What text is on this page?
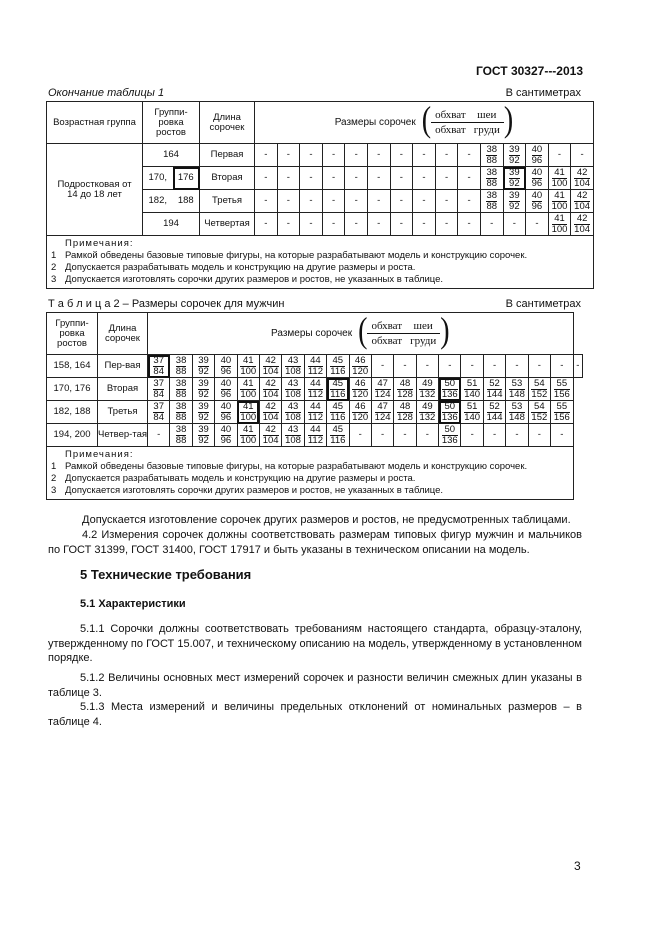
ГОСТ 30327---2013
Окончание таблицы 1	В сантиметрах
Возрастная группа	Группи-ровка ростов	Длина сорочек	Размеры сорочек ( обхват	шеи
обхват	груди )

Подростковая от 14 до 18 лет	164	Первая	-	-	-	-	-	-	-	-	-	-	$\frac{38}{88}$	$\frac{39}{92}$	$\frac{40}{96}$	-	-
170,	176	Вторая	-	-	-	-	-	-	-	-	-	-	$\frac{38}{88}$	$\frac{39}{92}$	$\frac{40}{96}$	$\frac{41}{100}$	$\frac{42}{104}$

182,	188	Третья	-	-	-	-	-	-	-	-	-	-	$\frac{38}{88}$	$\frac{39}{92}$	$\frac{40}{96}$	$\frac{41}{100}$	$\frac{42}{104}$

194	Четвертая	-	-	-	-	-	-	-	-	-	-	-	-	-	$\frac{41}{100}$	$\frac{42}{104}$

Примечания:
1 Рамкой обведены базовые типовые фигуры, на которые разрабатывают модель и конструкцию сорочек.
2 Допускается разрабатывать модель и конструкцию на другие размеры и роста.
3 Допускается изготовлять сорочки других размеров и ростов, не указанных в таблице.
Т а б л и ц а 2 – Размеры сорочек для мужчин	В сантиметрах
Группи-ровка ростов	Длина сорочек	Размеры сорочек ( обхват	шеи
обхват	груди )

158, 164	Пер-вая	$\frac{37}{84}$	$\frac{38}{88}$	$\frac{39}{92}$	$\frac{40}{96}$	$\frac{41}{100}$	$\frac{42}{104}$	$\frac{43}{108}$	$\frac{44}{112}$	$\frac{45}{116}$	$\frac{46}{120}$	-	-	-	-	-	-	-	-	-	-
170, 176	Вторая	$\frac{37}{84}$	$\frac{38}{88}$	$\frac{39}{92}$	$\frac{40}{96}$	$\frac{41}{100}$	$\frac{42}{104}$	$\frac{43}{108}$	$\frac{44}{112}$	$\frac{45}{116}$	$\frac{46}{120}$	$\frac{47}{124}$	$\frac{48}{128}$	$\frac{49}{132}$	$\frac{50}{136}$	$\frac{51}{140}$	$\frac{52}{144}$	$\frac{53}{148}$	$\frac{54}{152}$	$\frac{55}{156}$

182, 188	Третья	$\frac{37}{84}$	$\frac{38}{88}$	$\frac{39}{92}$	$\frac{40}{96}$	$\frac{41}{100}$	$\frac{42}{104}$	$\frac{43}{108}$	$\frac{44}{112}$	$\frac{45}{116}$	$\frac{46}{120}$	$\frac{47}{124}$	$\frac{48}{128}$	$\frac{49}{132}$	$\frac{50}{136}$	$\frac{51}{140}$	$\frac{52}{144}$	$\frac{53}{148}$	$\frac{54}{152}$	$\frac{55}{156}$

194, 200	Четвер-тая	-	$\frac{38}{88}$	$\frac{39}{92}$	$\frac{40}{96}$	$\frac{41}{100}$	$\frac{42}{104}$	$\frac{43}{108}$	$\frac{44}{112}$	$\frac{45}{116}$	-	-	-	-	$\frac{50}{136}$	-	-	-	-	-

Примечания:
1 Рамкой обведены базовые типовые фигуры, на которые разрабатывают модель и конструкцию сорочек.
2 Допускается разрабатывать модель и конструкцию на другие размеры и роста.
3 Допускается изготовлять сорочки других размеров и ростов, не указанных в таблице.
Допускается изготовление сорочек других размеров и ростов, не предусмотренных таблицами.
4.2 Измерения сорочек должны соответствовать размерам типовых фигур мужчин и мальчиков по ГОСТ 31399, ГОСТ 31400, ГОСТ 17917 и быть указаны в техническом описании на модель.
5 Технические требования
5.1 Характеристики
5.1.1 Сорочки должны соответствовать требованиям настоящего стандарта, образцу-эталону, утвержденному по ГОСТ 15.007, и техническому описанию на модель, утвержденному в установленном порядке.
5.1.2 Величины основных мест измерений сорочек и разности величин смежных длин указаны в таблице 3.
5.1.3 Места измерений и величины предельных отклонений от номинальных размеров – в таблице 4.
3
